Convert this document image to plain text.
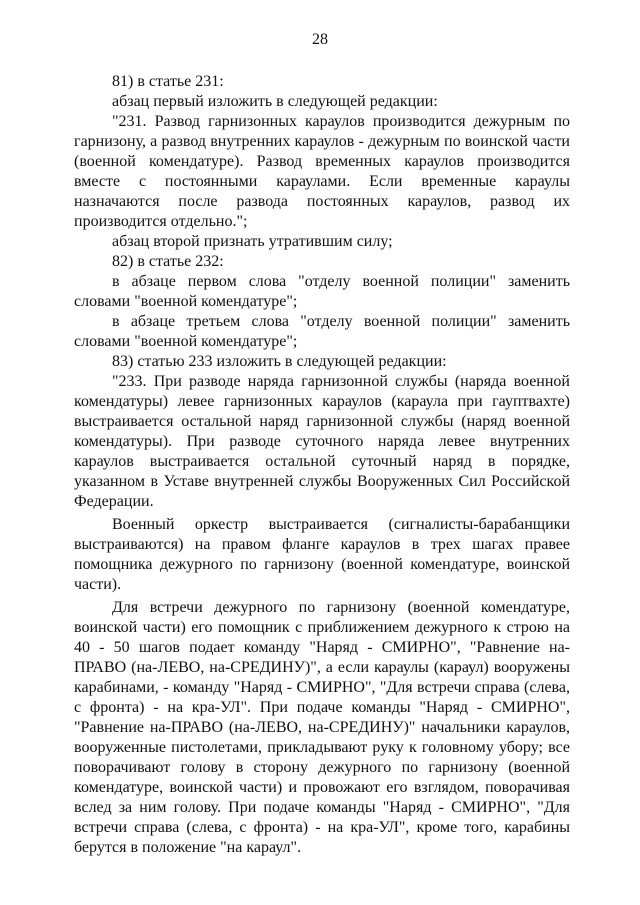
28

81) в статье 231:

абзац первый изложить в следующей редакции:

"231. Развод гарнизонных караулов производится дежурным по гарнизону, а развод внутренних караулов - дежурным по воинской части (военной комендатуре). Развод временных караулов производится вместе с постоянными караулами. Если временные караулы назначаются после развода постоянных караулов, развод их производится отдельно.";

абзац второй признать утратившим силу;

82) в статье 232:

в абзаце первом слова "отделу военной полиции" заменить словами "военной комендатуре";

в абзаце третьем слова "отделу военной полиции" заменить словами "военной комендатуре";

83) статью 233 изложить в следующей редакции:

"233. При разводе наряда гарнизонной службы (наряда военной комендатуры) левее гарнизонных караулов (караула при гауптвахте) выстраивается остальной наряд гарнизонной службы (наряд военной комендатуры). При разводе суточного наряда левее внутренних караулов выстраивается остальной суточный наряд в порядке, указанном в Уставе внутренней службы Вооруженных Сил Российской Федерации.

Военный оркестр выстраивается (сигналисты-барабанщики выстраиваются) на правом фланге караулов в трех шагах правее помощника дежурного по гарнизону (военной комендатуре, воинской части).

Для встречи дежурного по гарнизону (военной комендатуре, воинской части) его помощник с приближением дежурного к строю на 40 - 50 шагов подает команду "Наряд - СМИРНО", "Равнение на-ПРАВО (на-ЛЕВО, на-СРЕДИНУ)", а если караулы (караул) вооружены карабинами, - команду "Наряд - СМИРНО", "Для встречи справа (слева, с фронта) - на кра-УЛ". При подаче команды "Наряд - СМИРНО", "Равнение на-ПРАВО (на-ЛЕВО, на-СРЕДИНУ)" начальники караулов, вооруженные пистолетами, прикладывают руку к головному убору; все поворачивают голову в сторону дежурного по гарнизону (военной комендатуре, воинской части) и провожают его взглядом, поворачивая вслед за ним голову. При подаче команды "Наряд - СМИРНО", "Для встречи справа (слева, с фронта) - на кра-УЛ", кроме того, карабины берутся в положение "на караул".
